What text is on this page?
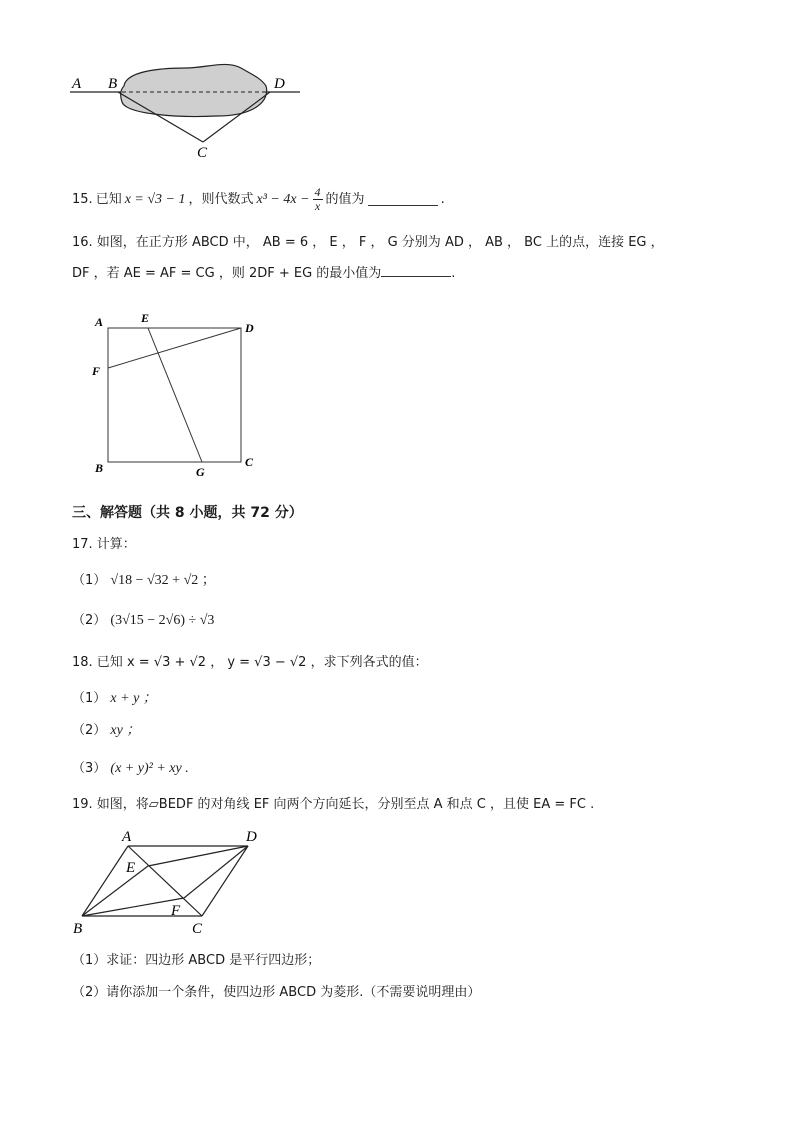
A B	D
C
15. 已知 x = √3 − 1 ，则代数式 $x^3 - 4x - \frac{4}{x}$ 的值为	.
16. 如图，在正方形 ABCD 中， AB = 6 ， E ， F ， G 分别为 AD ， AB ， BC 上的点，连接 EG ，
DF ，若 AE = AF = CG ，则 2DF + EG 的最小值为	.
A	E
D
F
B	G
C
三、解答题（共 8 小题，共 72 分）
17. 计算：
（1） √18 − √32 + √2 ；
（2） (3√15 − 2√6) ÷ √3
18. 已知 x = √3 + √2 ， y = √3 − √2 ，求下列各式的值：
（1） x + y ；
（2） xy ；
（3） (x + y)² + xy .
19. 如图，将▱BEDF 的对角线 EF 向两个方向延长，分别至点 A 和点 C ，且使 EA = FC .
A	D
E
F
B	C
（1）求证：四边形 ABCD 是平行四边形；
（2）请你添加一个条件，使四边形 ABCD 为菱形.（不需要说明理由）
